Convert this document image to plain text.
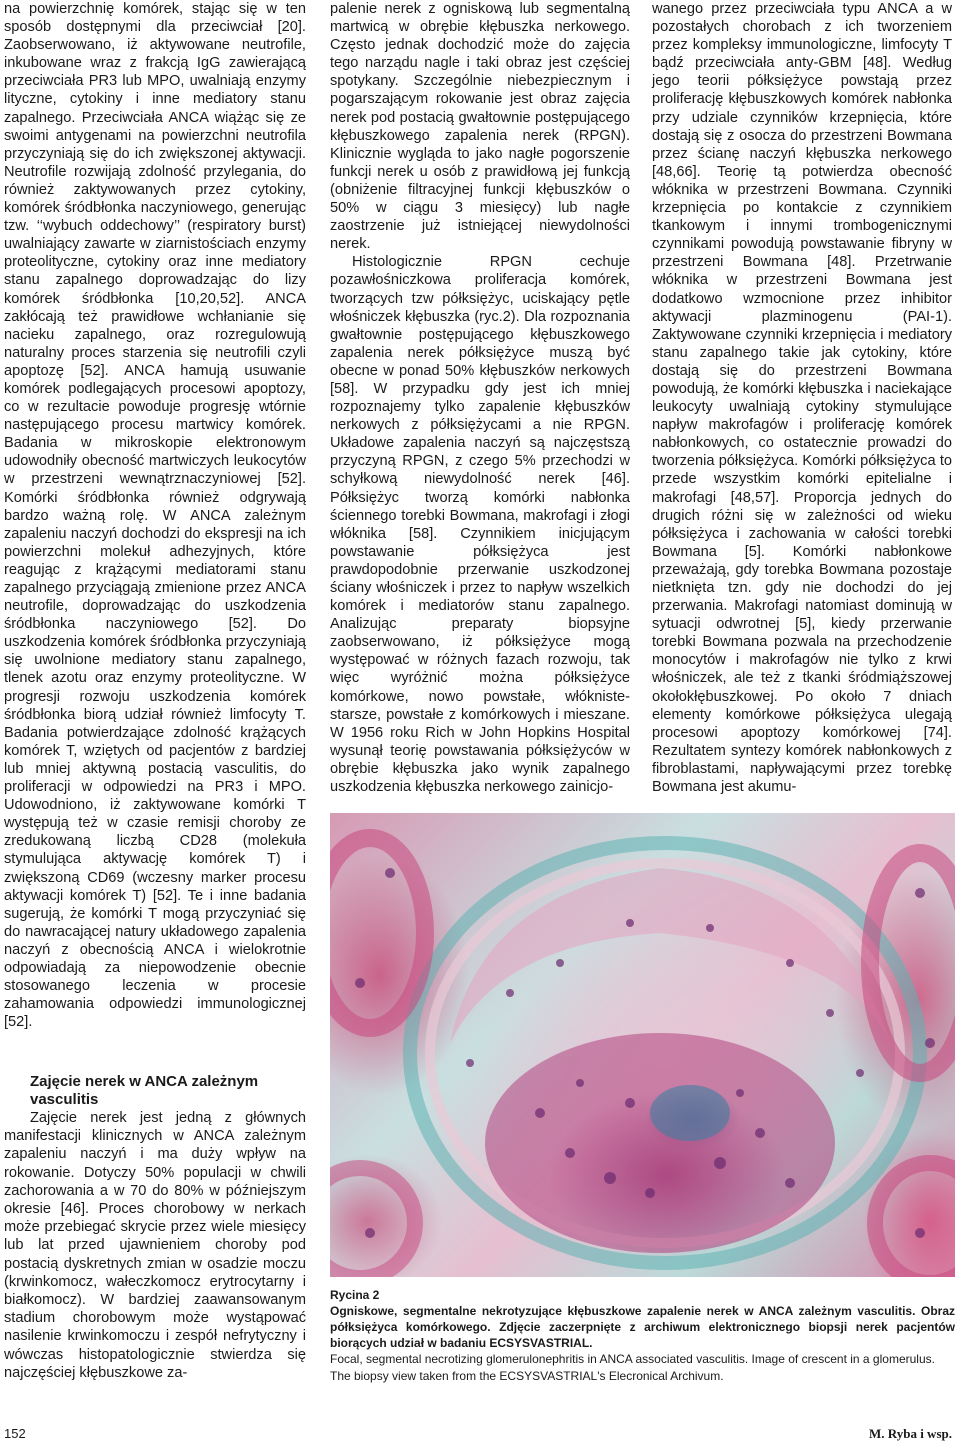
na powierzchnię komórek, stając się w ten sposób dostępnymi dla przeciwciał [20]. Zaobserwowano, iż aktywowane neutrofile, inkubowane wraz z frakcją IgG zawierającą przeciwciała PR3 lub MPO, uwalniają enzymy lityczne, cytokiny i inne mediatory stanu zapalnego. Przeciwciała ANCA wiążąc się ze swoimi antygenami na powierzchni neutrofila przyczyniają się do ich zwiększonej aktywacji. Neutrofile rozwijają zdolność przylegania, do również zaktywowanych przez cytokiny, komórek śródbłonka naczyniowego, generując tzw. ‘‘wybuch oddechowy’’ (respiratory burst) uwalniający zawarte w ziarnistościach enzymy proteolityczne, cytokiny oraz inne mediatory stanu zapalnego doprowadzając do lizy komórek śródbłonka [10,20,52]. ANCA zakłócają też prawidłowe wchłanianie się nacieku zapalnego, oraz rozregulowują naturalny proces starzenia się neutrofili czyli apoptozę [52]. ANCA hamują usuwanie komórek podlegających procesowi apoptozy, co w rezultacie powoduje progresję wtórnie następującego procesu martwicy komórek. Badania w mikroskopie elektronowym udowodniły obecność martwiczych leukocytów w przestrzeni wewnątrznaczyniowej [52]. Komórki śródbłonka również odgrywają bardzo ważną rolę. W ANCA zależnym zapaleniu naczyń dochodzi do ekspresji na ich powierzchni molekuł adhezyjnych, które reagując z krążącymi mediatorami stanu zapalnego przyciągają zmienione przez ANCA neutrofile, doprowadzając do uszkodzenia śródbłonka naczyniowego [52]. Do uszkodzenia komórek śródbłonka przyczyniają się uwolnione mediatory stanu zapalnego, tlenek azotu oraz enzymy proteolityczne. W progresji rozwoju uszkodzenia komórek śródbłonka biorą udział również limfocyty T. Badania potwierdzające zdolność krążących komórek T, wziętych od pacjentów z bardziej lub mniej aktywną postacią vasculitis, do proliferacji w odpowiedzi na PR3 i MPO. Udowodniono, iż zaktywowane komórki T występują też w czasie remisji choroby ze zredukowaną liczbą CD28 (molekuła stymulująca aktywację komórek T) i zwiększoną CD69 (wczesny marker procesu aktywacji komórek T) [52]. Te i inne badania sugerują, że komórki T mogą przyczyniać się do nawracającej natury układowego zapalenia naczyń z obecnością ANCA i wielokrotnie odpowiadają za niepowodzenie obecnie stosowanego leczenia w procesie zahamowania odpowiedzi immunologicznej [52].

Zajęcie nerek w ANCA zależnym vasculitis

Zajęcie nerek jest jedną z głównych manifestacji klinicznych w ANCA zależnym zapaleniu naczyń i ma duży wpływ na rokowanie. Dotyczy 50% populacji w chwili zachorowania a w 70 do 80% w późniejszym okresie [46]. Proces chorobowy w nerkach może przebiegać skrycie przez wiele miesięcy lub lat przed ujawnieniem choroby pod postacią dyskretnych zmian w osadzie moczu (krwinkomocz, wałeczkomocz erytrocytarny i białkomocz). W bardziej zaawansowanym stadium chorobowym może wystąpować nasilenie krwinkomoczu i zespół nefrytyczny i wówczas histopatologicznie stwierdza się najczęściej kłębuszkowe za-

palenie nerek z ogniskową lub segmentalną martwicą w obrębie kłębuszka nerkowego. Często jednak dochodzić może do zajęcia tego narządu nagle i taki obraz jest częściej spotykany. Szczególnie niebezpiecznym i pogarszającym rokowanie jest obraz zajęcia nerek pod postacią gwałtownie postępującego kłębuszkowego zapalenia nerek (RPGN). Klinicznie wygląda to jako nagłe pogorszenie funkcji nerek u osób z prawidłową jej funkcją (obniżenie filtracyjnej funkcji kłębuszków o 50% w ciągu 3 miesięcy) lub nagłe zaostrzenie już istniejącej niewydolności nerek.

Histologicznie RPGN cechuje pozawłośniczkowa proliferacja komórek, tworzących tzw półksiężyc, uciskający pętle włośniczek kłębuszka (ryc.2). Dla rozpoznania gwałtownie postępującego kłębuszkowego zapalenia nerek półksiężyce muszą być obecne w ponad 50% kłębuszków nerkowych [58]. W przypadku gdy jest ich mniej rozpoznajemy tylko zapalenie kłębuszków nerkowych z półksiężycami a nie RPGN. Układowe zapalenia naczyń są najczęstszą przyczyną RPGN, z czego 5% przechodzi w schyłkową niewydolność nerek [46]. Półksiężyc tworzą komórki nabłonka ściennego torebki Bowmana, makrofagi i złogi włóknika [58]. Czynnikiem inicjującym powstawanie półksiężyca jest prawdopodobnie przerwanie uszkodzonej ściany włośniczek i przez to napływ wszelkich komórek i mediatorów stanu zapalnego. Analizując preparaty biopsyjne zaobserwowano, iż półksiężyce mogą występować w różnych fazach rozwoju, tak więc wyróżnić można półksiężyce komórkowe, nowo powstałe, włókniste-starsze, powstałe z komórkowych i mieszane. W 1956 roku Rich w John Hopkins Hospital wysunął teorię powstawania półksiężyców w obrębie kłębuszka jako wynik zapalnego uszkodzenia kłębuszka nerkowego zainicjo-

wanego przez przeciwciała typu ANCA a w pozostałych chorobach z ich tworzeniem przez kompleksy immunologiczne, limfocyty T bądź przeciwciała anty-GBM [48]. Według jego teorii półksiężyce powstają przez proliferację kłębuszkowych komórek nabłonka przy udziale czynników krzepnięcia, które dostają się z osocza do przestrzeni Bowmana przez ścianę naczyń kłębuszka nerkowego [48,66]. Teorię tą potwierdza obecność włóknika w przestrzeni Bowmana. Czynniki krzepnięcia po kontakcie z czynnikiem tkankowym i innymi trombogenicznymi czynnikami powodują powstawanie fibryny w przestrzeni Bowmana [48]. Przetrwanie włóknika w przestrzeni Bowmana jest dodatkowo wzmocnione przez inhibitor aktywacji plazminogenu (PAI-1). Zaktywowane czynniki krzepnięcia i mediatory stanu zapalnego takie jak cytokiny, które dostają się do przestrzeni Bowmana powodują, że komórki kłębuszka i naciekające leukocyty uwalniają cytokiny stymulujące napływ makrofagów i proliferację komórek nabłonkowych, co ostatecznie prowadzi do tworzenia półksiężyca. Komórki półksiężyca to przede wszystkim komórki epitelialne i makrofagi [48,57]. Proporcja jednych do drugich różni się w zależności od wieku półksiężyca i zachowania w całości torebki Bowmana [5]. Komórki nabłonkowe przeważają, gdy torebka Bowmana pozostaje nietknięta tzn. gdy nie dochodzi do jej przerwania. Makrofagi natomiast dominują w sytuacji odwrotnej [5], kiedy przerwanie torebki Bowmana pozwala na przechodzenie monocytów i makrofagów nie tylko z krwi włośniczek, ale też z tkanki śródmiąższowej okołokłębuszkowej. Po około 7 dniach elementy komórkowe półksiężyca ulegają procesowi apoptozy komórkowej [74]. Rezultatem syntezy komórek nabłonkowych z fibroblastami, napływającymi przez torebkę Bowmana jest akumu-

Rycina 2

Ogniskowe, segmentalne nekrotyzujące kłębuszkowe zapalenie nerek w ANCA zależnym vasculitis. Obraz półksiężyca komórkowego. Zdjęcie zaczerpnięte z archiwum elektronicznego biopsji nerek pacjentów biorących udział w badaniu ECSYSVASTRIAL.

Focal, segmental necrotizing glomerulonephritis in ANCA associated vasculitis. Image of crescent in a glomerulus. The biopsy view taken from the ECSYSVASTRIAL's Elecronical Archivum.

152	M. Ryba i wsp.
